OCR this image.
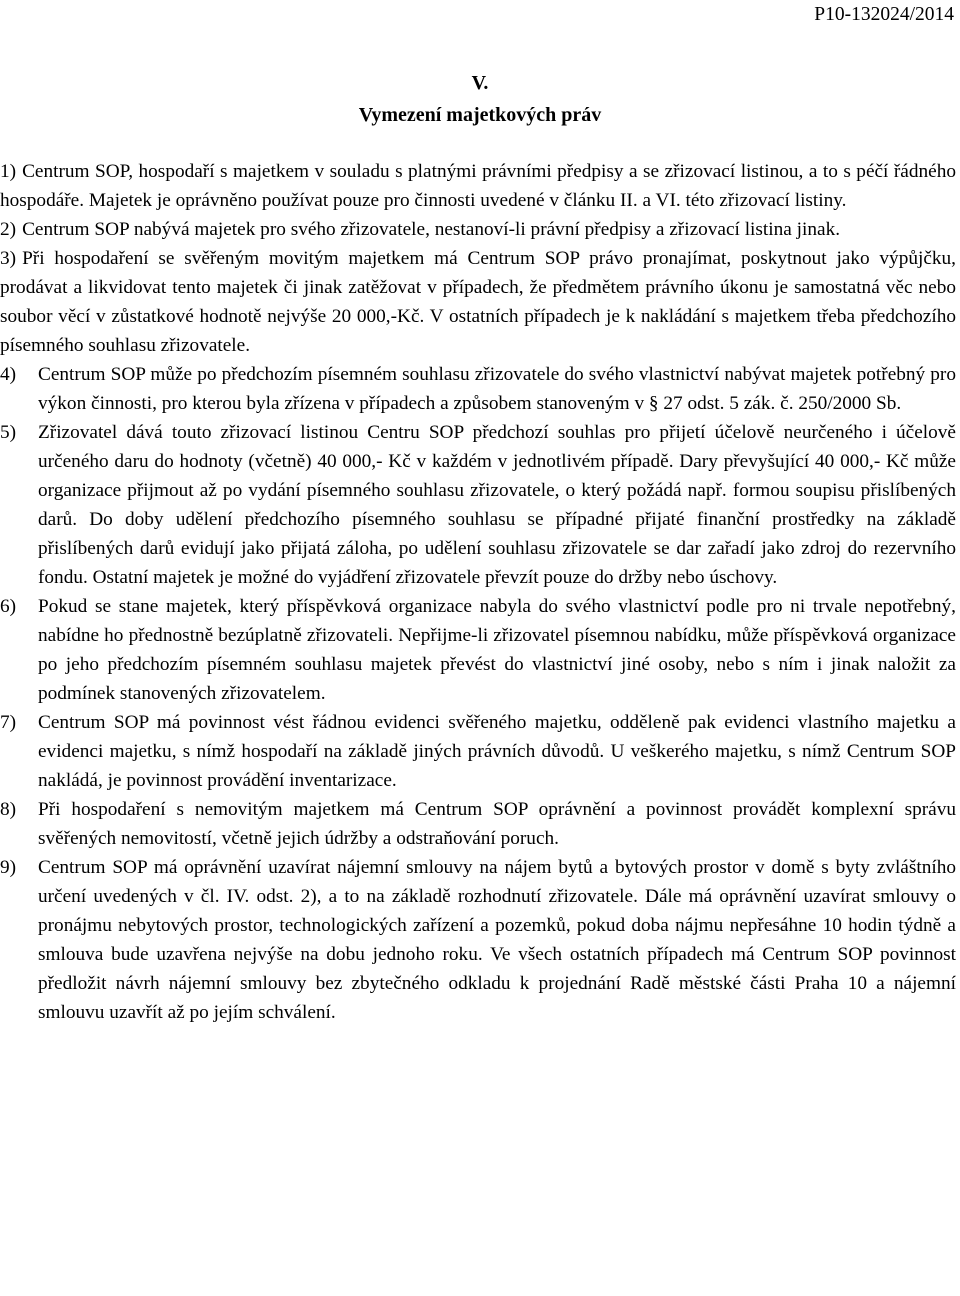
P10-132024/2014
V.
Vymezení majetkových práv
1) Centrum SOP, hospodaří s majetkem v souladu s platnými právními předpisy a se zřizovací listinou, a to s péčí řádného hospodáře. Majetek je oprávněno používat pouze pro činnosti uvedené v článku II. a VI. této zřizovací listiny.
2) Centrum SOP nabývá majetek pro svého zřizovatele, nestanoví-li právní předpisy a zřizovací listina jinak.
3) Při hospodaření se svěřeným movitým majetkem má Centrum SOP právo pronajímat, poskytnout jako výpůjčku, prodávat a likvidovat tento majetek či jinak zatěžovat v případech, že předmětem právního úkonu je samostatná věc nebo soubor věcí v zůstatkové hodnotě nejvýše 20 000,-Kč. V ostatních případech je k nakládání s majetkem třeba předchozího písemného souhlasu zřizovatele.
4) Centrum SOP může po předchozím písemném souhlasu zřizovatele do svého vlastnictví nabývat majetek potřebný pro výkon činnosti, pro kterou byla zřízena v případech a způsobem stanoveným v § 27 odst. 5 zák. č. 250/2000 Sb.
5) Zřizovatel dává touto zřizovací listinou Centru SOP předchozí souhlas pro přijetí účelově neurčeného i účelově určeného daru do hodnoty (včetně) 40 000,- Kč v každém v jednotlivém případě. Dary převyšující 40 000,- Kč může organizace přijmout až po vydání písemného souhlasu zřizovatele, o který požádá např. formou soupisu přislíbených darů. Do doby udělení předchozího písemného souhlasu se případné přijaté finanční prostředky na základě přislíbených darů evidují jako přijatá záloha, po udělení souhlasu zřizovatele se dar zařadí jako zdroj do rezervního fondu. Ostatní majetek je možné do vyjádření zřizovatele převzít pouze do držby nebo úschovy.
6) Pokud se stane majetek, který příspěvková organizace nabyla do svého vlastnictví podle pro ni trvale nepotřebný, nabídne ho přednostně bezúplatně zřizovateli. Nepřijme-li zřizovatel písemnou nabídku, může příspěvková organizace po jeho předchozím písemném souhlasu majetek převést do vlastnictví jiné osoby, nebo s ním i jinak naložit za podmínek stanovených zřizovatelem.
7) Centrum SOP má povinnost vést řádnou evidenci svěřeného majetku, odděleně pak evidenci vlastního majetku a evidenci majetku, s nímž hospodaří na základě jiných právních důvodů. U veškerého majetku, s nímž Centrum SOP nakládá, je povinnost provádění inventarizace.
8) Při hospodaření s nemovitým majetkem má Centrum SOP oprávnění a povinnost provádět komplexní správu svěřených nemovitostí, včetně jejich údržby a odstraňování poruch.
9) Centrum SOP má oprávnění uzavírat nájemní smlouvy na nájem bytů a bytových prostor v domě s byty zvláštního určení uvedených v čl. IV. odst. 2), a to na základě rozhodnutí zřizovatele. Dále má oprávnění uzavírat smlouvy o pronájmu nebytových prostor, technologických zařízení a pozemků, pokud doba nájmu nepřesáhne 10 hodin týdně a smlouva bude uzavřena nejvýše na dobu jednoho roku. Ve všech ostatních případech má Centrum SOP povinnost předložit návrh nájemní smlouvy bez zbytečného odkladu k projednání Radě městské části Praha 10 a nájemní smlouvu uzavřít až po jejím schválení.
